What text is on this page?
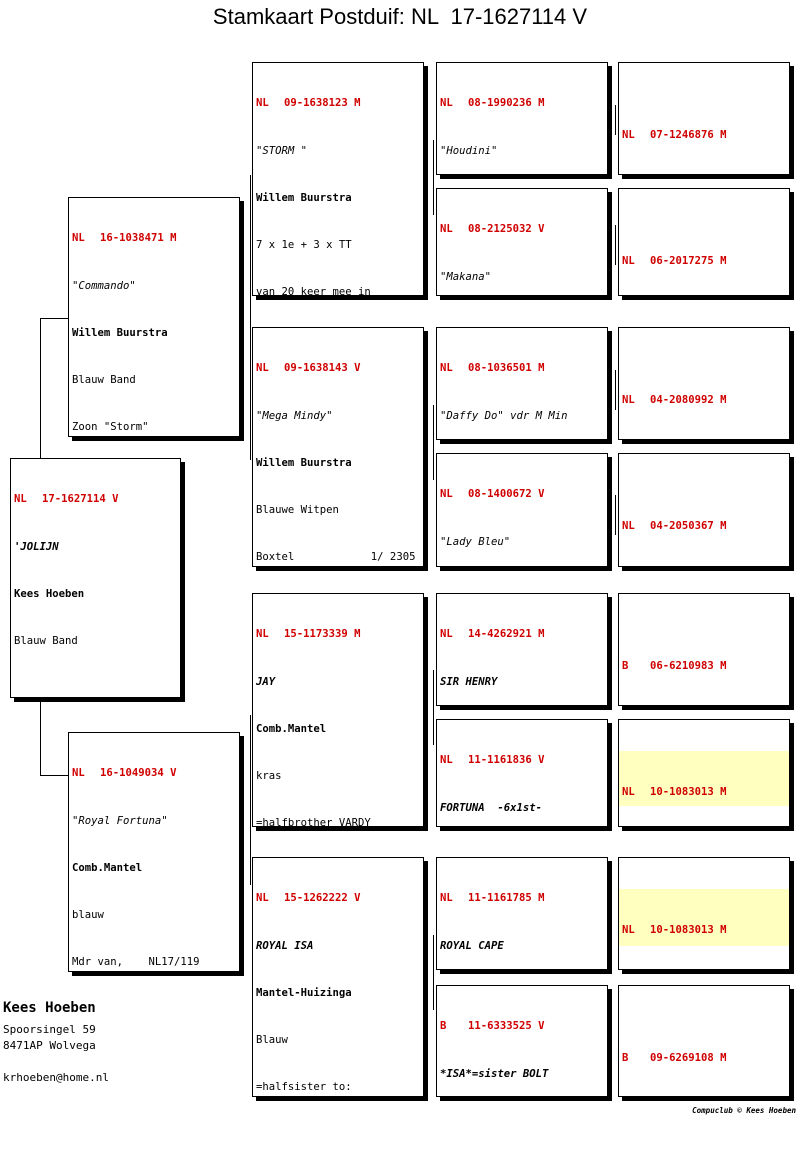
Stamkaart Postduif: NL 17-1627114 V

NL	17-1627114 V

'JOLIJN

Kees Hoeben

Blauw Band

NL	16-1038471 M

"Commando"

Willem Buurstra

Blauw Band

Zoon "Storm"

NL	16-1049034 V

"Royal Fortuna"

Comb.Mantel

blauw

Mdr van,    NL17/119

NL	09-1638123 M

"STORM "

Willem Buurstra

7 x 1e + 3 x TT

van 20 keer mee in

NL	09-1638143 V

"Mega Mindy"

Willem Buurstra

Blauwe Witpen

Boxtel            1/ 2305

NL	15-1173339 M

JAY

Comb.Mantel

kras

=halfbrother VARDY

NL	15-1262222 V

ROYAL ISA

Mantel-Huizinga

Blauw

=halfsister to:

NL	08-1990236 M

"Houdini"

NL	08-2125032 V

"Makana"

NL	08-1036501 M

"Daffy Do" vdr M Min

NL	08-1400672 V

"Lady Bleu"

NL	14-4262921 M

SIR HENRY

NL	11-1161836 V

FORTUNA  -6x1st-

NL	11-1161785 M

ROYAL CAPE

B	11-6333525 V

*ISA*=sister BOLT

NL	07-1246876 M

NL	06-2017275 M

NL	04-2080992 M

NL	04-2050367 M

B	06-6210983 M

NL	10-1083013 M

NL	10-1083013 M

B	09-6269108 M

Kees Hoeben
Spoorsingel 59
8471AP Wolvega
krhoeben@home.nl
Compuclub © Kees Hoeben
